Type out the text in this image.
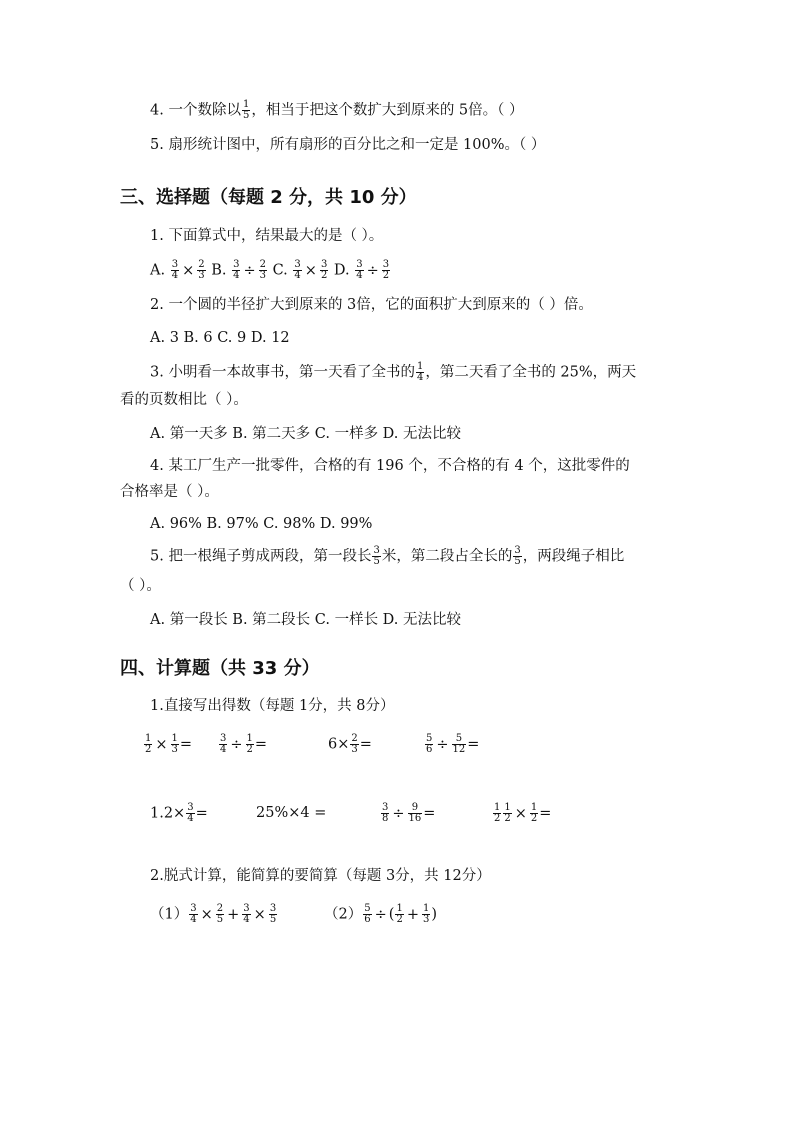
4. 一个数除以 $\frac{1}{5}$ ，相当于把这个数扩大到原来的 5倍。（ ）
5. 扇形统计图中，所有扇形的百分比之和一定是 100%。（ ）
三、选择题（每题 2 分，共 10 分）
1. 下面算式中，结果最大的是（ ）。
A. $\frac{3}{4} \times \frac{2}{3} B$. $\frac{3}{4} \div \frac{2}{3} C$. $\frac{3}{4} \times \frac{3}{2} D$. $\frac{3}{4} \div \frac{3}{2}$
2. 一个圆的半径扩大到原来的 3倍，它的面积扩大到原来的（ ）倍。
A. 3 B. 6 C. 9 D. 12
3. 小明看一本故事书，第一天看了全书的 $\frac{1}{4}$ ，第二天看了全书的 25%，两天
看的页数相比（ ）。
A. 第一天多 B. 第二天多 C. 一样多 D. 无法比较
4. 某工厂生产一批零件，合格的有 196 个，不合格的有 4 个，这批零件的
合格率是（ ）。
A. 96% B. 97% C. 98% D. 99%
5. 把一根绳子剪成两段，第一段长 $\frac{3}{5}$ 米，第二段占全长的 $\frac{3}{5}$ ，两段绳子相比
（ ）。
A. 第一段长 B. 第二段长 C. 一样长 D. 无法比较
四、计算题（共 33 分）
1.直接写出得数（每题 1分，共 8分）
$\frac{1}{2} \times \frac{1}{3}$ =	$\frac{3}{4} \div \frac{1}{2}$ =	$6\times \frac{2}{3}$ =	$\frac{5}{6} \div \frac{5}{12}$ =
$1.2\times \frac{3}{4}$ =	25%×4 =	$\frac{3}{8} \div \frac{9}{16}$ =	$\frac{1}{2} \frac{1}{2} \times \frac{1}{2}$ =
2.脱式计算，能简算的要简算（每题 3分，共 12分）
$(1) \frac{3}{4} \times \frac{2}{5} + \frac{3}{4} \times \frac{3}{5}$	$(2) \frac{5}{6}$ ÷ ( $\frac{1}{2} + \frac{1}{3}$ )
